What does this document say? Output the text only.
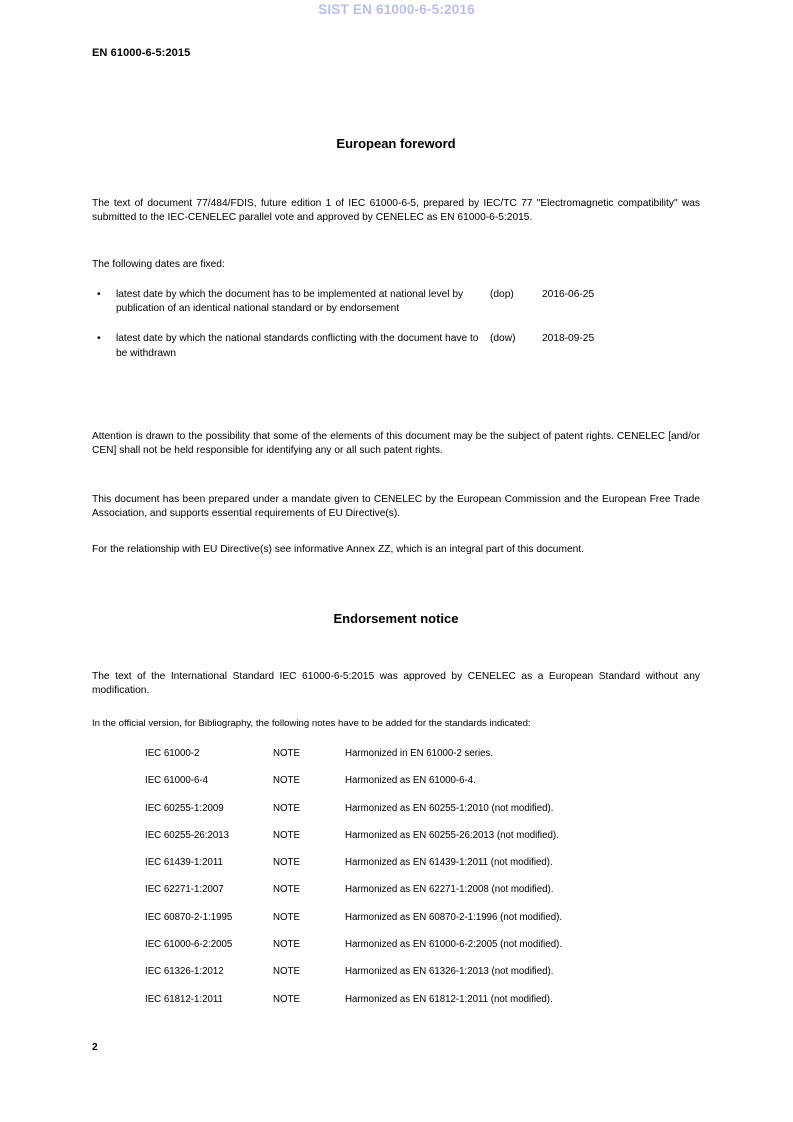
SIST EN 61000-6-5:2016
EN 61000-6-5:2015
European foreword

The text of document 77/484/FDIS, future edition 1 of IEC 61000-6-5, prepared by IEC/TC 77 "Electromagnetic compatibility" was submitted to the IEC-CENELEC parallel vote and approved by CENELEC as EN 61000-6-5:2015.

The following dates are fixed:

• latest date by which the document has to be implemented at national level by publication of an identical national standard or by endorsement
(dop)	2016-06-25
• latest date by which the national standards conflicting with the document have to be withdrawn
(dow)	2018-09-25

Attention is drawn to the possibility that some of the elements of this document may be the subject of patent rights. CENELEC [and/or CEN] shall not be held responsible for identifying any or all such patent rights.

This document has been prepared under a mandate given to CENELEC by the European Commission and the European Free Trade Association, and supports essential requirements of EU Directive(s).

For the relationship with EU Directive(s) see informative Annex ZZ, which is an integral part of this document.

Endorsement notice

The text of the International Standard IEC 61000-6-5:2015 was approved by CENELEC as a European Standard without any modification.

In the official version, for Bibliography, the following notes have to be added for the standards indicated:

IEC 61000-2	NOTE	Harmonized in EN 61000-2 series.
IEC 61000-6-4	NOTE	Harmonized as EN 61000-6-4.
IEC 60255-1:2009	NOTE	Harmonized as EN 60255-1:2010 (not modified).
IEC 60255-26:2013	NOTE	Harmonized as EN 60255-26:2013 (not modified).
IEC 61439-1:2011	NOTE	Harmonized as EN 61439-1:2011 (not modified).
IEC 62271-1:2007	NOTE	Harmonized as EN 62271-1:2008 (not modified).
IEC 60870-2-1:1995	NOTE	Harmonized as EN 60870-2-1:1996 (not modified).
IEC 61000-6-2:2005	NOTE	Harmonized as EN 61000-6-2:2005 (not modified).
IEC 61326-1:2012	NOTE	Harmonized as EN 61326-1:2013 (not modified).
IEC 61812-1:2011	NOTE	Harmonized as EN 61812-1:2011 (not modified).
2
